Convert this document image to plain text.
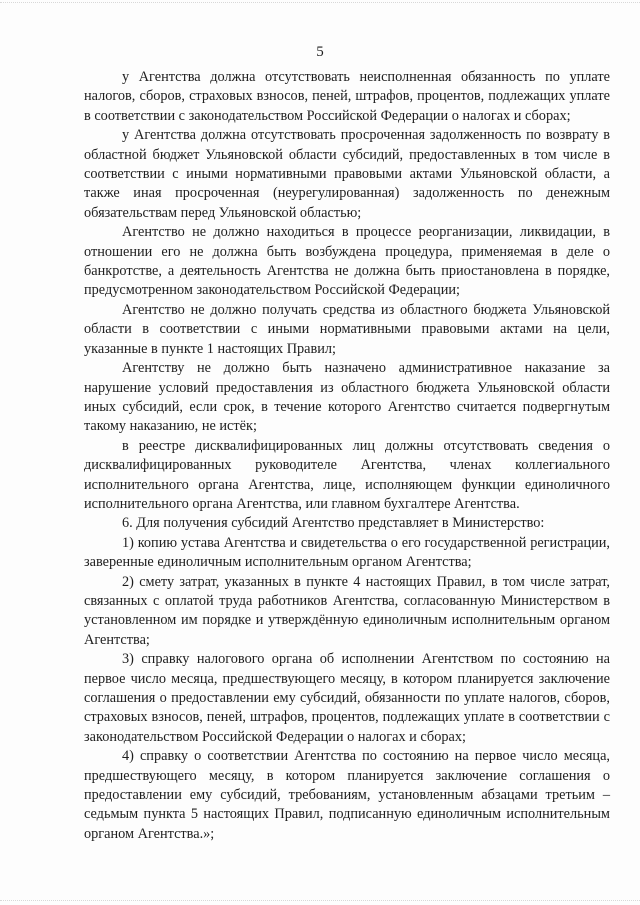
5

у Агентства должна отсутствовать неисполненная обязанность по уплате налогов, сборов, страховых взносов, пеней, штрафов, процентов, подлежащих уплате в соответствии с законодательством Российской Федерации о налогах и сборах;

у Агентства должна отсутствовать просроченная задолженность по возврату в областной бюджет Ульяновской области субсидий, предоставленных в том числе в соответствии с иными нормативными правовыми актами Ульяновской области, а также иная просроченная (неурегулированная) задолженность по денежным обязательствам перед Ульяновской областью;

Агентство не должно находиться в процессе реорганизации, ликвидации, в отношении его не должна быть возбуждена процедура, применяемая в деле о банкротстве, а деятельность Агентства не должна быть приостановлена в порядке, предусмотренном законодательством Российской Федерации;

Агентство не должно получать средства из областного бюджета Ульяновской области в соответствии с иными нормативными правовыми актами на цели, указанные в пункте 1 настоящих Правил;

Агентству не должно быть назначено административное наказание за нарушение условий предоставления из областного бюджета Ульяновской области иных субсидий, если срок, в течение которого Агентство считается подвергнутым такому наказанию, не истёк;

в реестре дисквалифицированных лиц должны отсутствовать сведения о дисквалифицированных руководителе Агентства, членах коллегиального исполнительного органа Агентства, лице, исполняющем функции единоличного исполнительного органа Агентства, или главном бухгалтере Агентства.

6. Для получения субсидий Агентство представляет в Министерство:

1) копию устава Агентства и свидетельства о его государственной регистрации, заверенные единоличным исполнительным органом Агентства;

2) смету затрат, указанных в пункте 4 настоящих Правил, в том числе затрат, связанных с оплатой труда работников Агентства, согласованную Министерством в установленном им порядке и утверждённую единоличным исполнительным органом Агентства;

3) справку налогового органа об исполнении Агентством по состоянию на первое число месяца, предшествующего месяцу, в котором планируется заключение соглашения о предоставлении ему субсидий, обязанности по уплате налогов, сборов, страховых взносов, пеней, штрафов, процентов, подлежащих уплате в соответствии с законодательством Российской Федерации о налогах и сборах;

4) справку о соответствии Агентства по состоянию на первое число месяца, предшествующего месяцу, в котором планируется заключение соглашения о предоставлении ему субсидий, требованиям, установленным абзацами третьим – седьмым пункта 5 настоящих Правил, подписанную единоличным исполнительным органом Агентства.»;
